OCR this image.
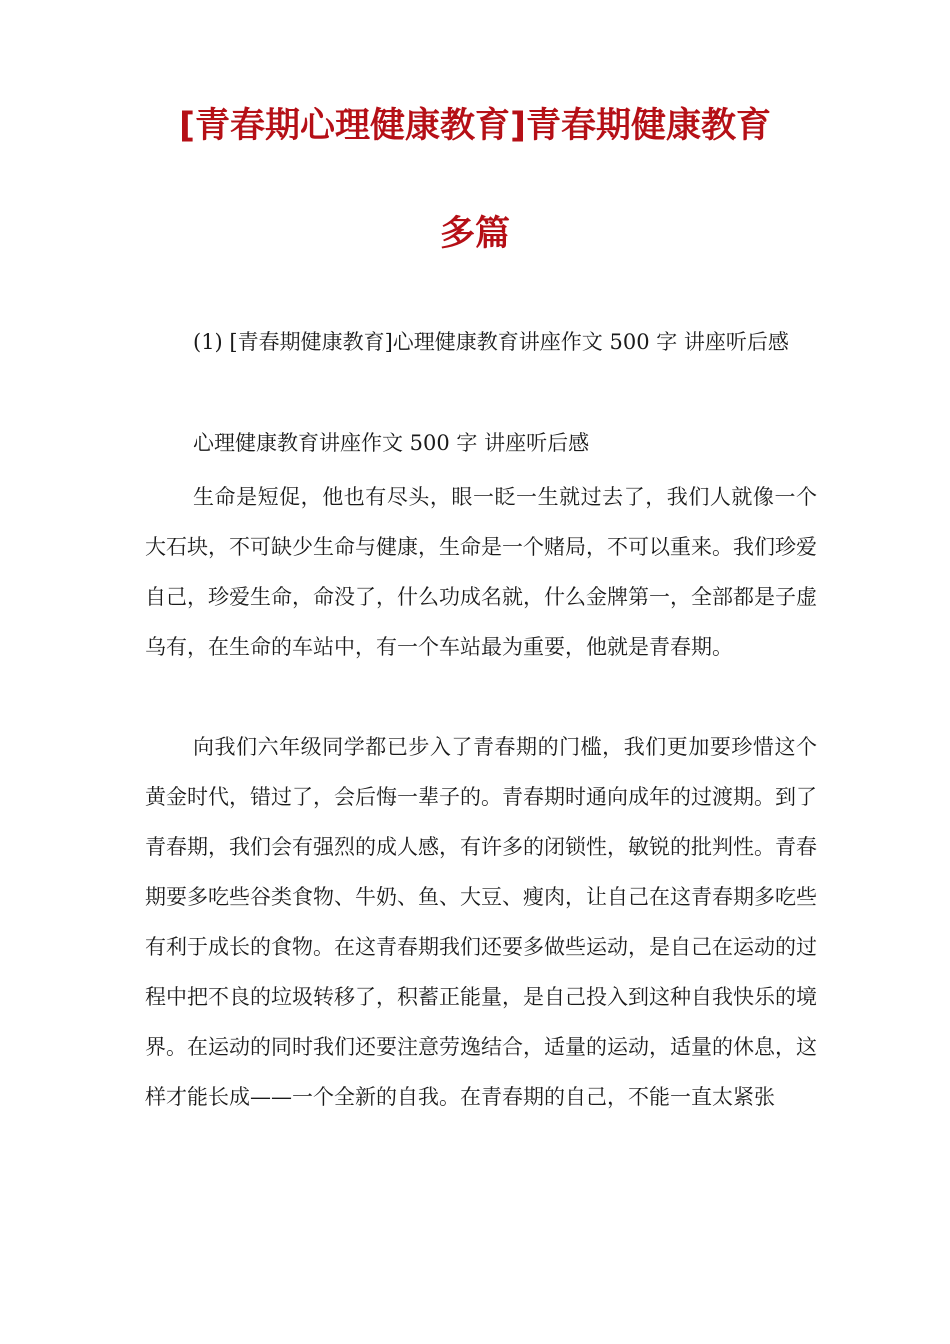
[青春期心理健康教育]青春期健康教育
多篇

(1) [青春期健康教育]心理健康教育讲座作文 500 字 讲座听后感

心理健康教育讲座作文 500 字 讲座听后感

生命是短促，他也有尽头，眼一眨一生就过去了，我们人就像一个大石块，不可缺少生命与健康，生命是一个赌局，不可以重来。我们珍爱自己，珍爱生命，命没了，什么功成名就，什么金牌第一，全部都是子虚乌有，在生命的车站中，有一个车站最为重要，他就是青春期。

向我们六年级同学都已步入了青春期的门槛，我们更加要珍惜这个黄金时代，错过了，会后悔一辈子的。青春期时通向成年的过渡期。到了青春期，我们会有强烈的成人感，有许多的闭锁性，敏锐的批判性。青春期要多吃些谷类食物、牛奶、鱼、大豆、瘦肉，让自己在这青春期多吃些有利于成长的食物。在这青春期我们还要多做些运动，是自己在运动的过程中把不良的垃圾转移了，积蓄正能量，是自己投入到这种自我快乐的境界。在运动的同时我们还要注意劳逸结合，适量的运动，适量的休息，这样才能长成——一个全新的自我。在青春期的自己，不能一直太紧张
